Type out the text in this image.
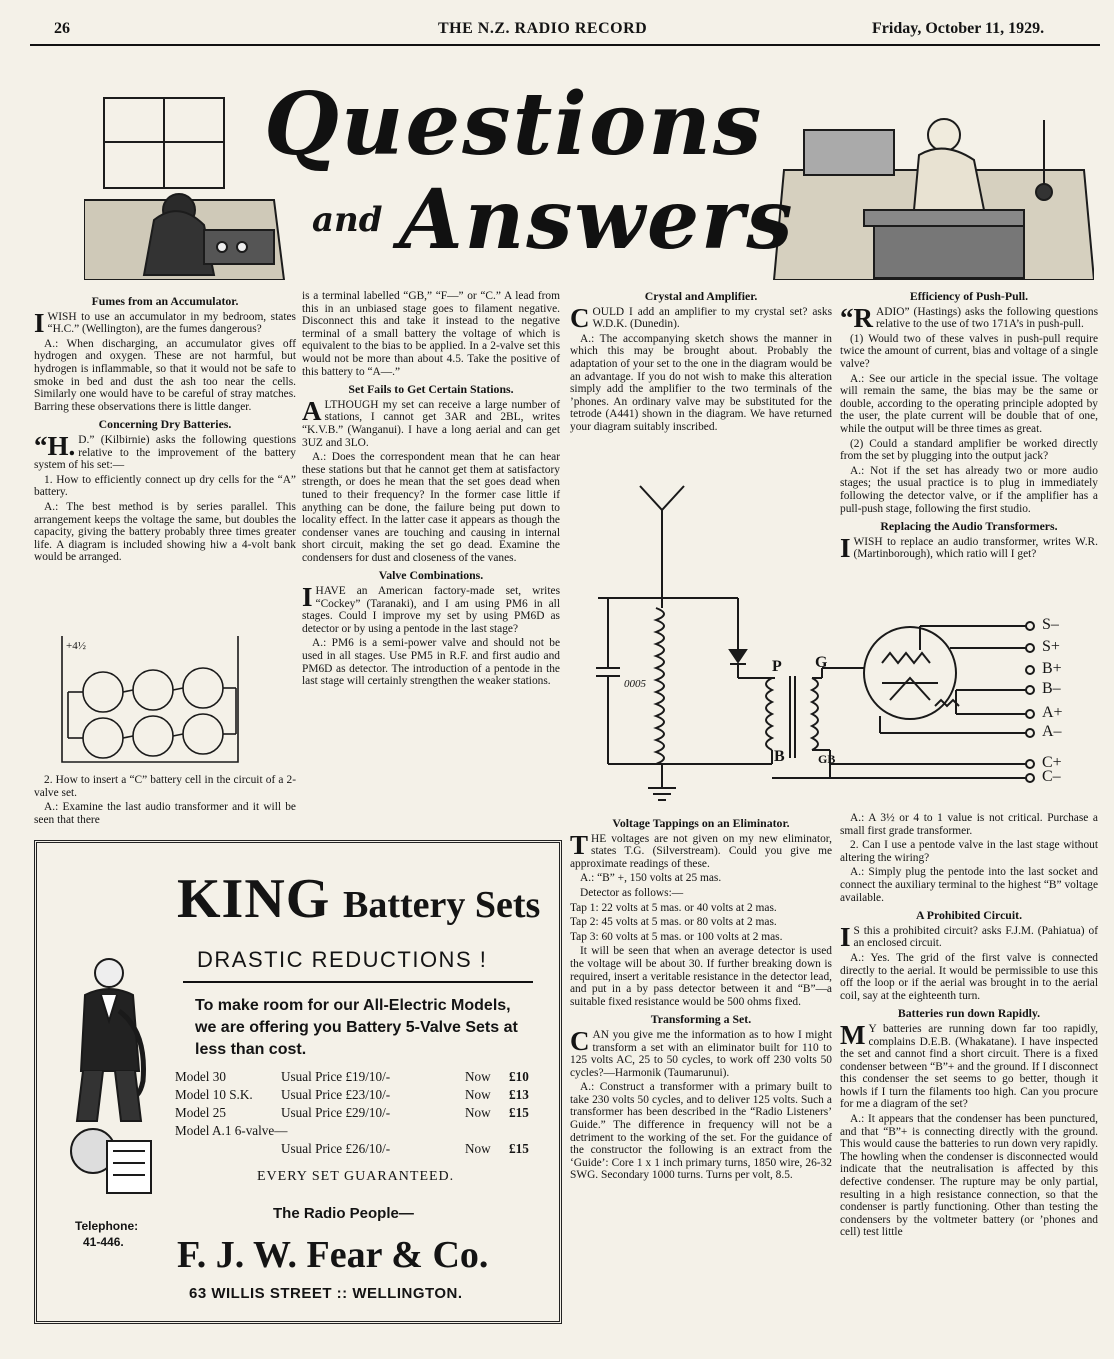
26	THE N.Z. RADIO RECORD	Friday, October 11, 1929.
Questions
and Answers
Fumes from an Accumulator.

IWISH to use an accumulator in my bedroom, states “H.C.” (Wellington), are the fumes dangerous?

A.: When discharging, an accumulator gives off hydrogen and oxygen. These are not harmful, but hydrogen is inflammable, so that it would not be safe to smoke in bed and dust the ash too near the cells. Similarly one would have to be careful of stray matches. Barring these observations there is little danger.

Concerning Dry Batteries.

“H. D.” (Kilbirnie) asks the following questions relative to the improvement of the battery system of his set:—

1. How to efficiently connect up dry cells for the “A” battery.

A.: The best method is by series parallel. This arrangement keeps the voltage the same, but doubles the capacity, giving the battery probably three times greater life. A diagram is included showing hiw a 4-volt bank would be arranged.

+4½

2. How to insert a “C” battery cell in the circuit of a 2-valve set.

A.: Examine the last audio transformer and it will be seen that there

is a terminal labelled “GB,” “F—” or “C.” A lead from this in an unbiased stage goes to filament negative. Disconnect this and take it instead to the negative terminal of a small battery the voltage of which is equivalent to the bias to be applied. In a 2-valve set this would not be more than about 4.5. Take the positive of this battery to “A—.”

Set Fails to Get Certain Stations.

ALTHOUGH my set can receive a large number of stations, I cannot get 3AR and 2BL, writes “K.V.B.” (Wanganui). I have a long aerial and can get 3UZ and 3LO.

A.: Does the correspondent mean that he can hear these stations but that he cannot get them at satisfactory strength, or does he mean that the set goes dead when tuned to their frequency? In the former case little if anything can be done, the failure being put down to locality effect. In the latter case it appears as though the condenser vanes are touching and causing in internal short circuit, making the set go dead. Examine the condensers for dust and closeness of the vanes.

Valve Combinations.

IHAVE an American factory-made set, writes “Cockey” (Taranaki), and I am using PM6 in all stages. Could I improve my set by using PM6D as detector or by using a pentode in the last stage?

A.: PM6 is a semi-power valve and should not be used in all stages. Use PM5 in R.F. and first audio and PM6D as detector. The introduction of a pentode in the last stage will certainly strengthen the weaker stations.

Crystal and Amplifier.

COULD I add an amplifier to my crystal set? asks W.D.K. (Dunedin).

A.: The accompanying sketch shows the manner in which this may be brought about. Probably the adaptation of your set to the one in the diagram would be an advantage. If you do not wish to make this alteration simply add the amplifier to the two terminals of the ’phones. An ordinary valve may be substituted for the tetrode (A441) shown in the diagram. We have returned your diagram suitably inscribed.

Efficiency of Push-Pull.

“RADIO” (Hastings) asks the following questions relative to the use of two 171A’s in push-pull.

(1) Would two of these valves in push-pull require twice the amount of current, bias and voltage of a single valve?

A.: See our article in the special issue. The voltage will remain the same, the bias may be the same or double, according to the operating principle adopted by the user, the plate current will be double that of one, while the output will be three times as great.

(2) Could a standard amplifier be worked directly from the set by plugging into the output jack?

A.: Not if the set has already two or more audio stages; the usual practice is to plug in immediately following the detector valve, or if the amplifier has a pull-push stage, following the first studio.

Replacing the Audio Transformers.

IWISH to replace an audio transformer, writes W.R. (Martinborough), which ratio will I get?

0005
P G
B	GB
S–
S+
B+
B–
A+
A–
C+
C–
Voltage Tappings on an Eliminator.

THE voltages are not given on my new eliminator, states T.G. (Silverstream). Could you give me approximate readings of these.

A.: “B” +, 150 volts at 25 mas.

Detector as follows:—

Tap 1: 22 volts at 5 mas. or 40 volts at 2 mas.

Tap 2: 45 volts at 5 mas. or 80 volts at 2 mas.

Tap 3: 60 volts at 5 mas. or 100 volts at 2 mas.

It will be seen that when an average detector is used the voltage will be about 30. If further breaking down is required, insert a veritable resistance in the detector lead, and put in a by pass detector between it and “B”—a suitable fixed resistance would be 500 ohms fixed.

Transforming a Set.

CAN you give me the information as to how I might transform a set with an eliminator built for 110 to 125 volts AC, 25 to 50 cycles, to work off 230 volts 50 cycles?—Harmonik (Taumarunui).

A.: Construct a transformer with a primary built to take 230 volts 50 cycles, and to deliver 125 volts. Such a transformer has been described in the “Radio Listeners’ Guide.” The difference in frequency will not be a detriment to the working of the set. For the guidance of the constructor the following is an extract from the ‘Guide’: Core 1 x 1 inch primary turns, 1850 wire, 26-32 SWG. Secondary 1000 turns. Turns per volt, 8.5.

A.: A 3½ or 4 to 1 value is not critical. Purchase a small first grade transformer.

2. Can I use a pentode valve in the last stage without altering the wiring?

A.: Simply plug the pentode into the last socket and connect the auxiliary terminal to the highest “B” voltage available.

A Prohibited Circuit.

I S this a prohibited circuit? asks F.J.M. (Pahiatua) of an enclosed circuit.

A.: Yes. The grid of the first valve is connected directly to the aerial. It would be permissible to use this off the loop or if the aerial was brought in to the aerial coil, say at the eighteenth turn.

Batteries run down Rapidly.

M Y batteries are running down far too rapidly, complains D.E.B. (Whakatane). I have inspected the set and cannot find a short circuit. There is a fixed condenser between “B”+ and the ground. If I disconnect this condenser the set seems to go better, though it howls if I turn the filaments too high. Can you procure for me a diagram of the set?

A.: It appears that the condenser has been punctured, and that “B”+ is connecting directly with the ground. This would cause the batteries to run down very rapidly. The howling when the condenser is disconnected would indicate that the neutralisation is affected by this defective condenser. The rupture may be only partial, resulting in a high resistance connection, so that the condenser is partly functioning. Other than testing the condensers by the voltmeter battery (or ’phones and cell) test little

KING Battery Sets
DRASTIC REDUCTIONS !
To make room for our All-Electric Models, we are offering you Battery 5-Valve Sets at less than cost.
Model 30	Usual Price £19/10/-	Now £10
Model 10 S.K. Usual Price £23/10/-	Now £13
Model 25	Usual Price £29/10/-	Now £15
Model A.1 6-valve—
Usual Price £26/10/-	Now £15
EVERY SET GUARANTEED.
The Radio People—
F. J. W. Fear & Co.
63 WILLIS STREET :: WELLINGTON.
Telephone:
41-446.
